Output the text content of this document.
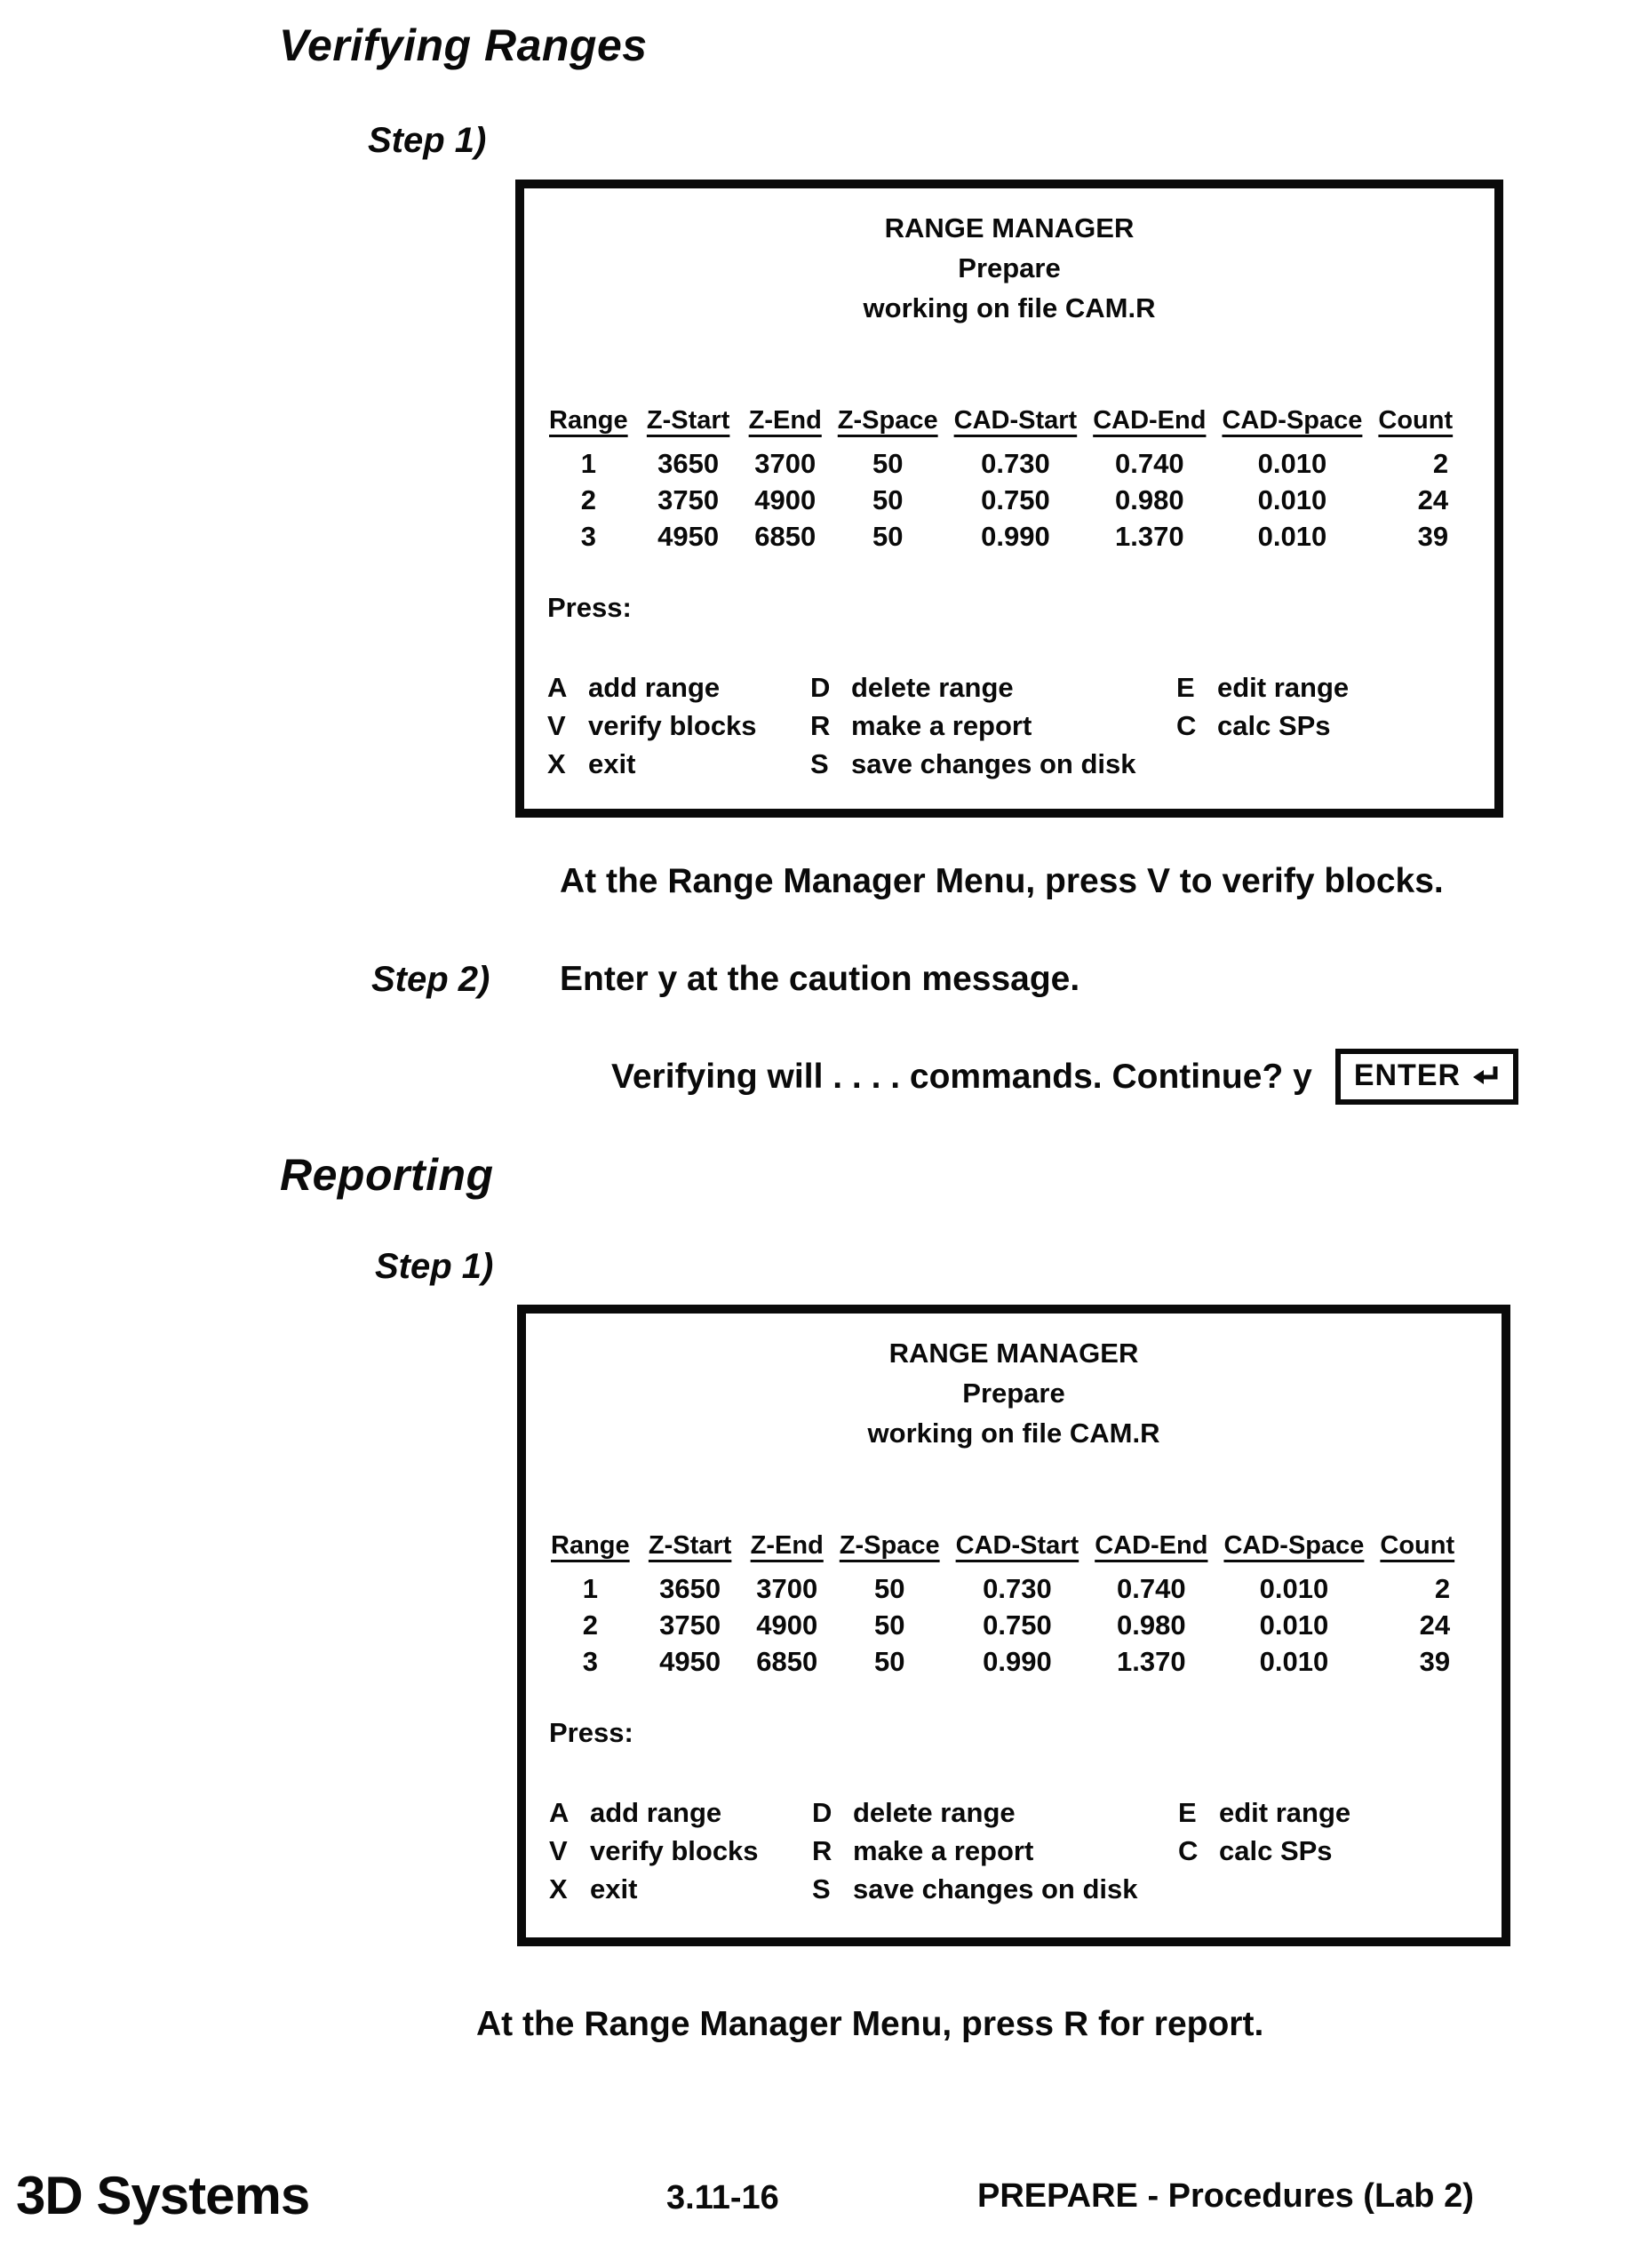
Verifying Ranges
Step 1)
RANGE MANAGER
Prepare
working on file CAM.R
Range	Z-Start	Z-End	Z-Space	CAD-Start	CAD-End	CAD-Space	Count
1	3650	3700	50	0.730	0.740	0.010	2
2	3750	4900	50	0.750	0.980	0.010	24
3	4950	6850	50	0.990	1.370	0.010	39
Press:
A add range	D delete range	E edit range
V verify blocks R make a report	C calc SPs
X exit	S save changes on disk

At the Range Manager Menu, press V to verify blocks.

Step 2) Enter y at the caution message.
Verifying will . . . . commands. Continue? y ENTER
Reporting
Step 1)
RANGE MANAGER
Prepare
working on file CAM.R
Range	Z-Start	Z-End	Z-Space	CAD-Start	CAD-End	CAD-Space	Count
1	3650	3700	50	0.730	0.740	0.010	2
2	3750	4900	50	0.750	0.980	0.010	24
3	4950	6850	50	0.990	1.370	0.010	39
Press:
A add range	D delete range	E edit range
V verify blocks R make a report	C calc SPs
X exit	S save changes on disk

At the Range Manager Menu, press R for report.

3D Systems	3.11-16	PREPARE - Procedures (Lab 2)
